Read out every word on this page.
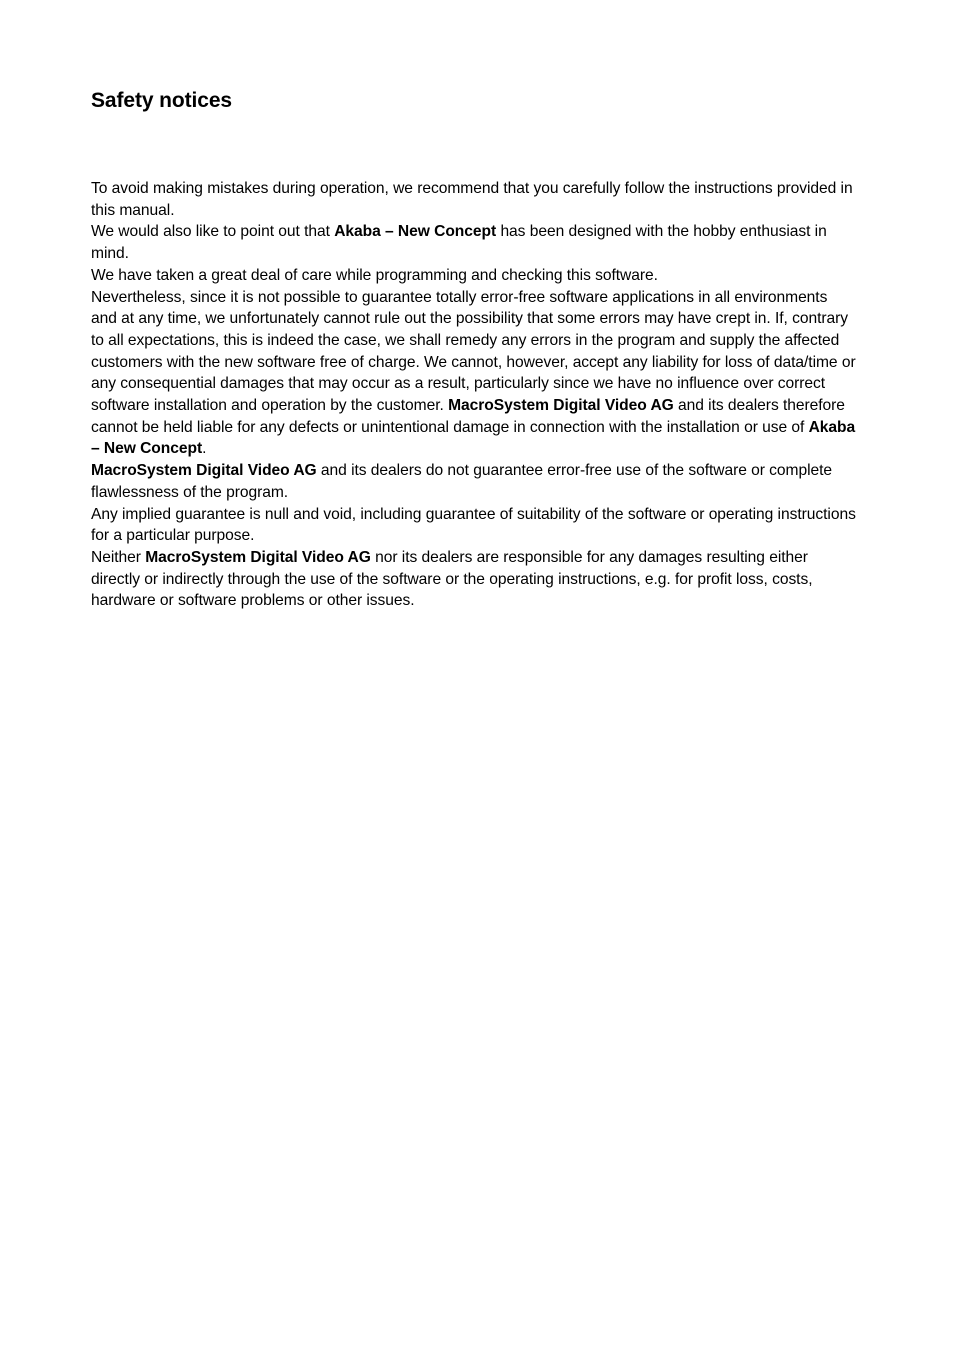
Safety notices

To avoid making mistakes during operation, we recommend that you carefully follow the instructions provided in this manual.

We would also like to point out that Akaba – New Concept has been designed with the hobby enthusiast in mind.

We have taken a great deal of care while programming and checking this software.

Nevertheless, since it is not possible to guarantee totally error-free software applications in all environments and at any time, we unfortunately cannot rule out the possibility that some errors may have crept in. If, contrary to all expectations, this is indeed the case, we shall remedy any errors in the program and supply the affected customers with the new software free of charge. We cannot, however, accept any liability for loss of data/time or any consequential damages that may occur as a result, particularly since we have no influence over correct software installation and operation by the customer. MacroSystem Digital Video AG and its dealers therefore cannot be held liable for any defects or unintentional damage in connection with the installation or use of Akaba – New Concept.

MacroSystem Digital Video AG and its dealers do not guarantee error-free use of the software or complete flawlessness of the program.

Any implied guarantee is null and void, including guarantee of suitability of the software or operating instructions for a particular purpose.

Neither MacroSystem Digital Video AG nor its dealers are responsible for any damages resulting either directly or indirectly through the use of the software or the operating instructions, e.g. for profit loss, costs, hardware or software problems or other issues.
